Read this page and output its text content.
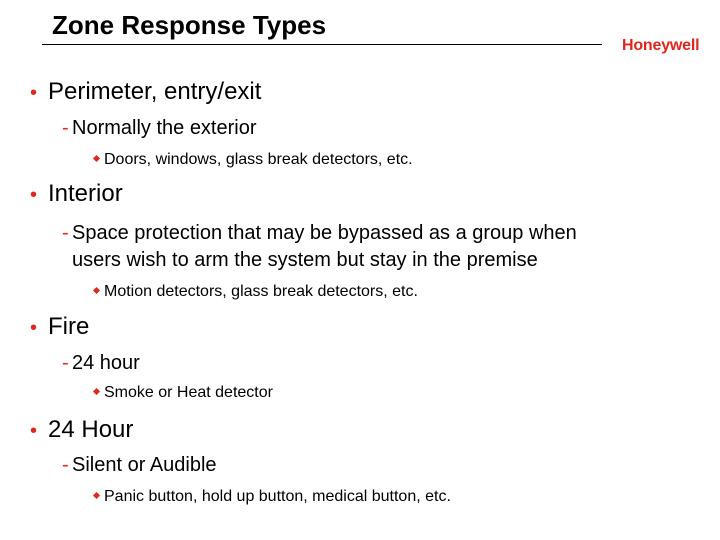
Zone Response Types
Honeywell
• Perimeter, entry/exit
- Normally the exterior
Doors, windows, glass break detectors, etc.
• Interior
- Space protection that may be bypassed as a group when
users wish to arm the system but stay in the premise
Motion detectors, glass break detectors, etc.
• Fire
- 24 hour
Smoke or Heat detector
• 24 Hour
- Silent or Audible
Panic button, hold up button, medical button, etc.
